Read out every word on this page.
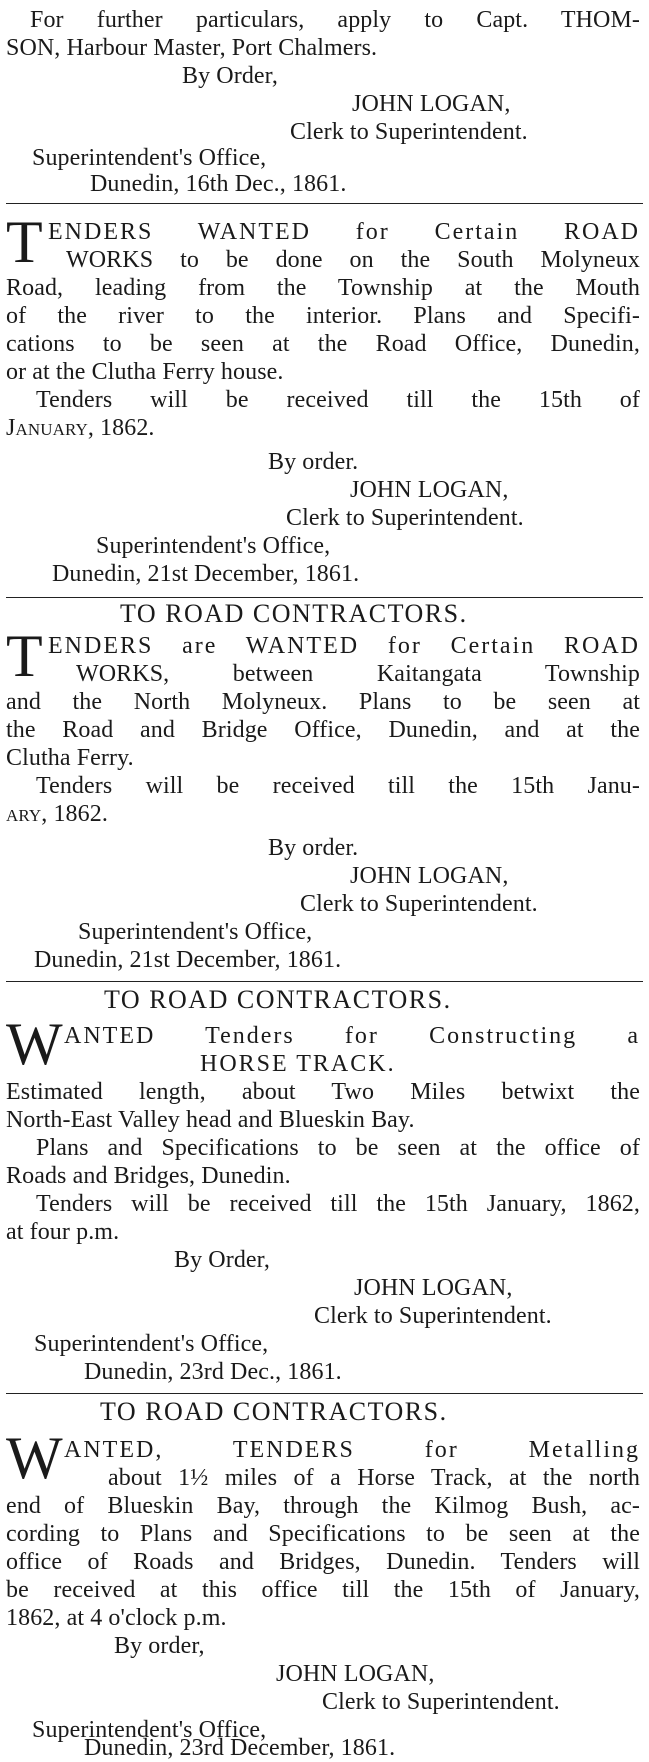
For further particulars, apply to Capt. THOM-

SON, Harbour Master, Port Chalmers.

By Order,

JOHN LOGAN,

Clerk to Superintendent.

Superintendent's Office,

Dunedin, 16th Dec., 1861.

T ENDERS WANTED for Certain ROAD

WORKS to be done on the South Molyneux

Road, leading from the Township at the Mouth

of the river to the interior. Plans and Specifi-

cations to be seen at the Road Office, Dunedin,

or at the Clutha Ferry house.

Tenders will be received till the 15th of

January, 1862.

By order.

JOHN LOGAN,

Clerk to Superintendent.

Superintendent's Office,

Dunedin, 21st December, 1861.

TO ROAD CONTRACTORS.

T ENDERS are WANTED for Certain ROAD

WORKS, between Kaitangata Township

and the North Molyneux. Plans to be seen at

the Road and Bridge Office, Dunedin, and at the

Clutha Ferry.

Tenders will be received till the 15th Janu-

ary, 1862.

By order.

JOHN LOGAN,

Clerk to Superintendent.

Superintendent's Office,

Dunedin, 21st December, 1861.

TO ROAD CONTRACTORS.

W ANTED Tenders for Constructing a

HORSE TRACK.

Estimated length, about Two Miles betwixt the

North-East Valley head and Blueskin Bay.

Plans and Specifications to be seen at the office of

Roads and Bridges, Dunedin.

Tenders will be received till the 15th January, 1862,

at four p.m.

By Order,

JOHN LOGAN,

Clerk to Superintendent.

Superintendent's Office,

Dunedin, 23rd Dec., 1861.

TO ROAD CONTRACTORS.

W ANTED, TENDERS for Metalling

about 1½ miles of a Horse Track, at the north

end of Blueskin Bay, through the Kilmog Bush, ac-

cording to Plans and Specifications to be seen at the

office of Roads and Bridges, Dunedin. Tenders will

be received at this office till the 15th of January,

1862, at 4 o'clock p.m.

By order,

JOHN LOGAN,

Clerk to Superintendent.

Superintendent's Office,

Dunedin, 23rd December, 1861.
